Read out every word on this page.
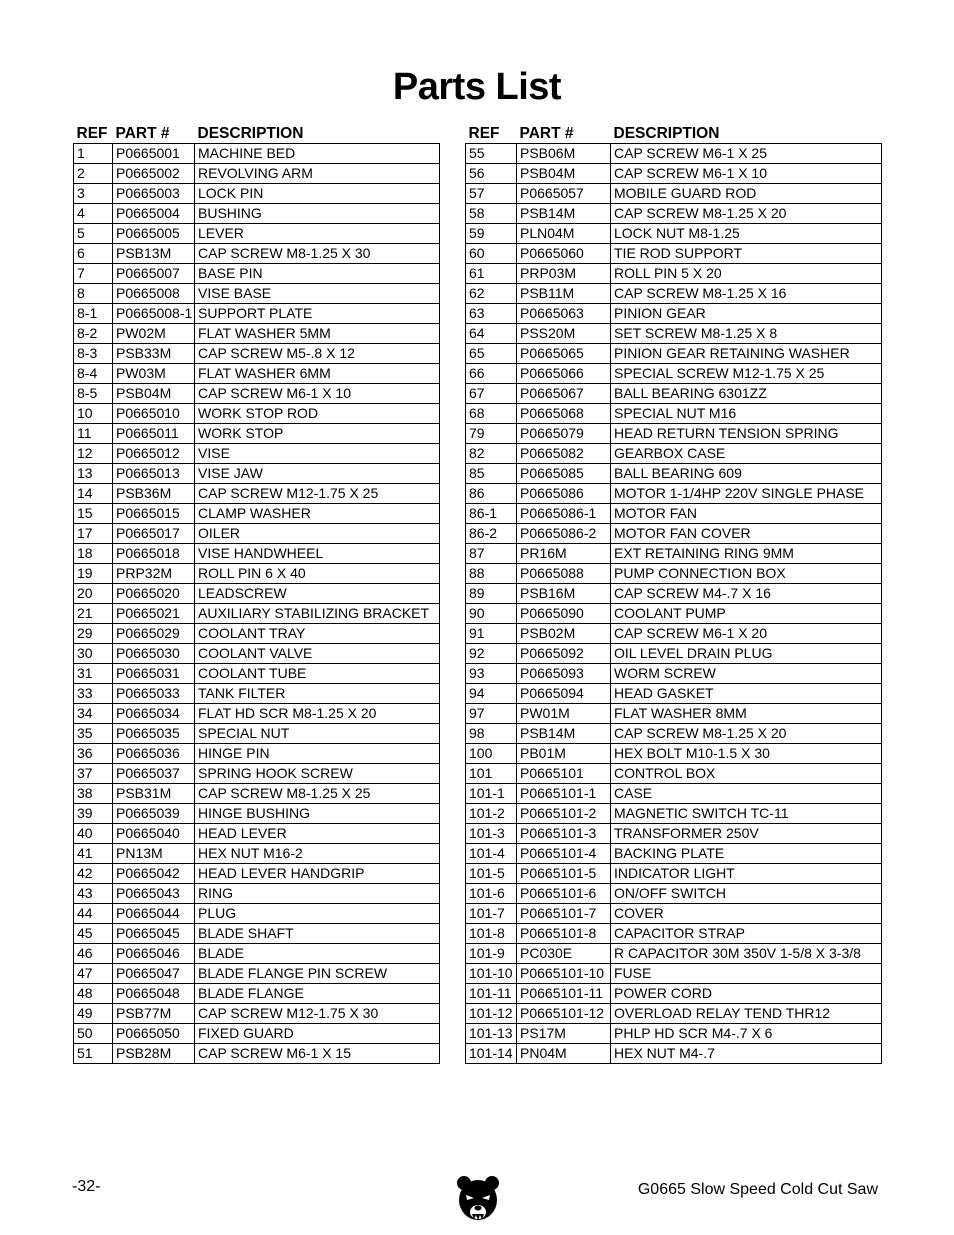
Parts List
REF	PART #	DESCRIPTION
1	P0665001	MACHINE BED
2	P0665002	REVOLVING ARM
3	P0665003	LOCK PIN
4	P0665004	BUSHING
5	P0665005	LEVER
6	PSB13M	CAP SCREW M8-1.25 X 30
7	P0665007	BASE PIN
8	P0665008	VISE BASE
8-1	P0665008-1	SUPPORT PLATE
8-2	PW02M	FLAT WASHER 5MM
8-3	PSB33M	CAP SCREW M5-.8 X 12
8-4	PW03M	FLAT WASHER 6MM
8-5	PSB04M	CAP SCREW M6-1 X 10
10	P0665010	WORK STOP ROD
11	P0665011	WORK STOP
12	P0665012	VISE
13	P0665013	VISE JAW
14	PSB36M	CAP SCREW M12-1.75 X 25
15	P0665015	CLAMP WASHER
17	P0665017	OILER
18	P0665018	VISE HANDWHEEL
19	PRP32M	ROLL PIN 6 X 40
20	P0665020	LEADSCREW
21	P0665021	AUXILIARY STABILIZING BRACKET
29	P0665029	COOLANT TRAY
30	P0665030	COOLANT VALVE
31	P0665031	COOLANT TUBE
33	P0665033	TANK FILTER
34	P0665034	FLAT HD SCR M8-1.25 X 20
35	P0665035	SPECIAL NUT
36	P0665036	HINGE PIN
37	P0665037	SPRING HOOK SCREW
38	PSB31M	CAP SCREW M8-1.25 X 25
39	P0665039	HINGE BUSHING
40	P0665040	HEAD LEVER
41	PN13M	HEX NUT M16-2
42	P0665042	HEAD LEVER HANDGRIP
43	P0665043	RING
44	P0665044	PLUG
45	P0665045	BLADE SHAFT
46	P0665046	BLADE
47	P0665047	BLADE FLANGE PIN SCREW
48	P0665048	BLADE FLANGE
49	PSB77M	CAP SCREW M12-1.75 X 30
50	P0665050	FIXED GUARD
51	PSB28M	CAP SCREW M6-1 X 15
REF	PART #	DESCRIPTION
55	PSB06M	CAP SCREW M6-1 X 25
56	PSB04M	CAP SCREW M6-1 X 10
57	P0665057	MOBILE GUARD ROD
58	PSB14M	CAP SCREW M8-1.25 X 20
59	PLN04M	LOCK NUT M8-1.25
60	P0665060	TIE ROD SUPPORT
61	PRP03M	ROLL PIN 5 X 20
62	PSB11M	CAP SCREW M8-1.25 X 16
63	P0665063	PINION GEAR
64	PSS20M	SET SCREW M8-1.25 X 8
65	P0665065	PINION GEAR RETAINING WASHER
66	P0665066	SPECIAL SCREW M12-1.75 X 25
67	P0665067	BALL BEARING 6301ZZ
68	P0665068	SPECIAL NUT M16
79	P0665079	HEAD RETURN TENSION SPRING
82	P0665082	GEARBOX CASE
85	P0665085	BALL BEARING 609
86	P0665086	MOTOR 1-1/4HP 220V SINGLE PHASE
86-1	P0665086-1	MOTOR FAN
86-2	P0665086-2	MOTOR FAN COVER
87	PR16M	EXT RETAINING RING 9MM
88	P0665088	PUMP CONNECTION BOX
89	PSB16M	CAP SCREW M4-.7 X 16
90	P0665090	COOLANT PUMP
91	PSB02M	CAP SCREW M6-1 X 20
92	P0665092	OIL LEVEL DRAIN PLUG
93	P0665093	WORM SCREW
94	P0665094	HEAD GASKET
97	PW01M	FLAT WASHER 8MM
98	PSB14M	CAP SCREW M8-1.25 X 20
100	PB01M	HEX BOLT M10-1.5 X 30
101	P0665101	CONTROL BOX
101-1	P0665101-1	CASE
101-2	P0665101-2	MAGNETIC SWITCH TC-11
101-3	P0665101-3	TRANSFORMER 250V
101-4	P0665101-4	BACKING PLATE
101-5	P0665101-5	INDICATOR LIGHT
101-6	P0665101-6	ON/OFF SWITCH
101-7	P0665101-7	COVER
101-8	P0665101-8	CAPACITOR STRAP
101-9	PC030E	R CAPACITOR 30M 350V 1-5/8 X 3-3/8
101-10	P0665101-10	FUSE
101-11	P0665101-11	POWER CORD
101-12	P0665101-12	OVERLOAD RELAY TEND THR12
101-13	PS17M	PHLP HD SCR M4-.7 X 6
101-14	PN04M	HEX NUT M4-.7
-32-	G0665 Slow Speed Cold Cut Saw
